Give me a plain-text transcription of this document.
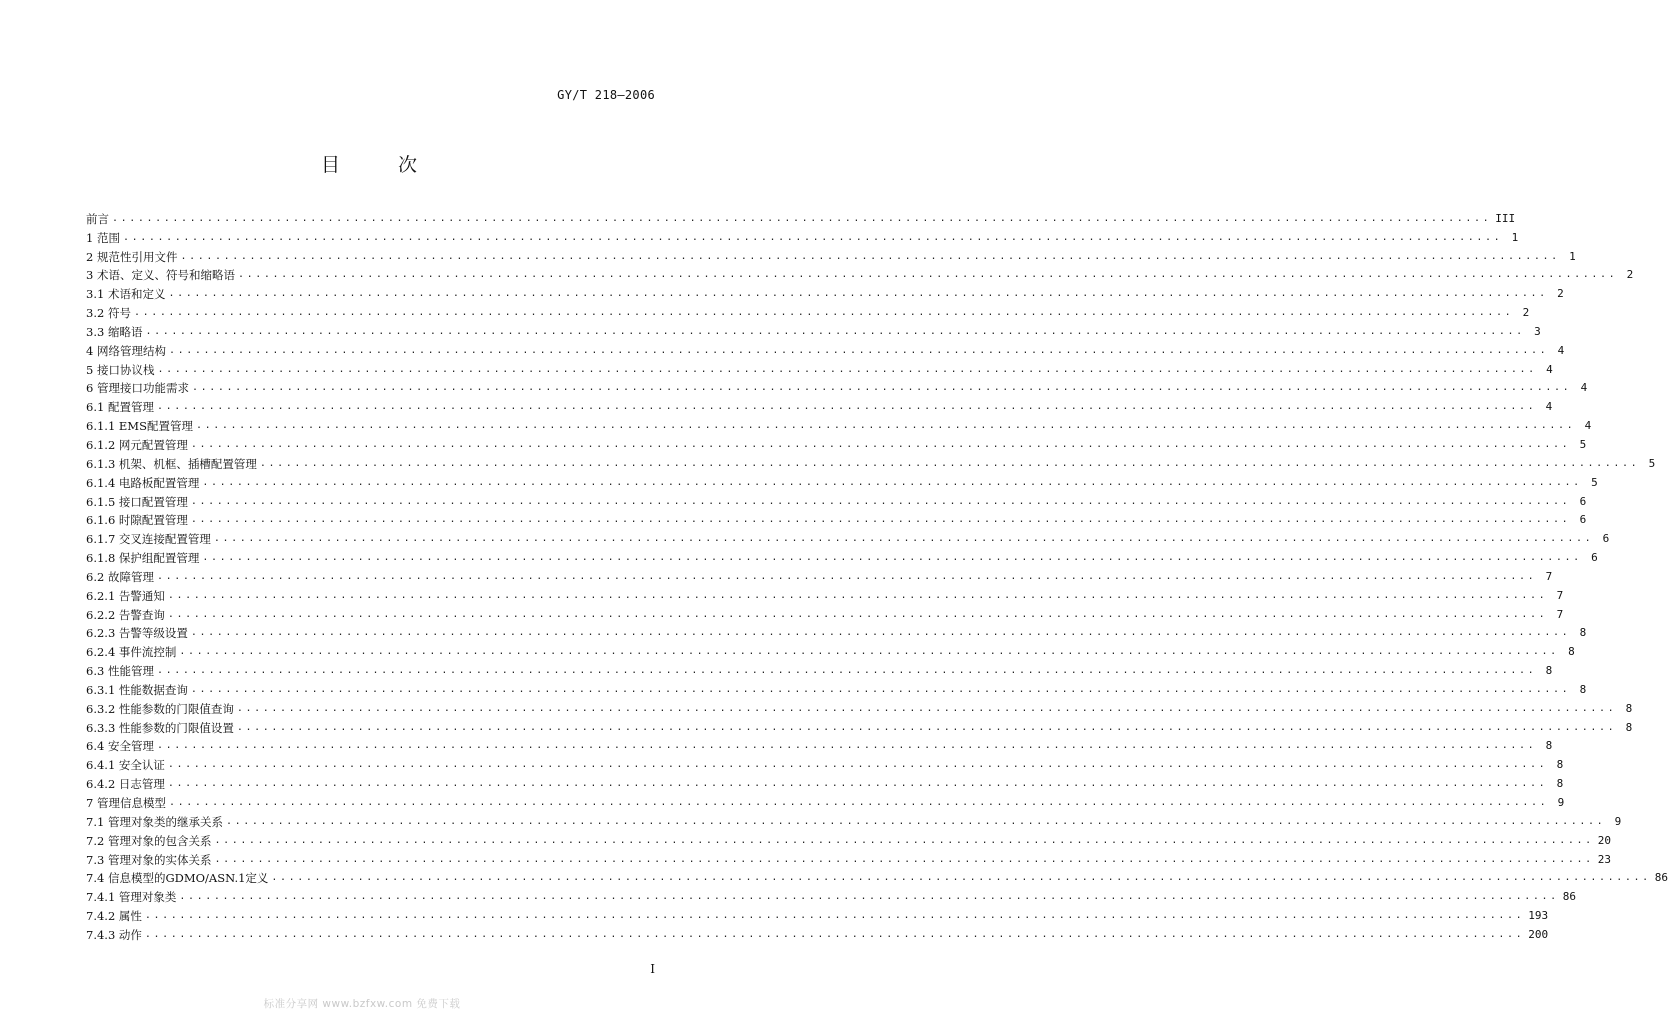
GY/T 218—2006
目 次
前言 ................................................................................................................................................................ III
1 范围 ................................................................................................................................................................ 1
2 规范性引用文件 ................................................................................................................................................................ 1
3 术语、定义、符号和缩略语 ................................................................................................................................................................ 2
3.1 术语和定义 ................................................................................................................................................................ 2
3.2 符号 ................................................................................................................................................................ 2
3.3 缩略语 ................................................................................................................................................................ 3
4 网络管理结构 ................................................................................................................................................................ 4
5 接口协议栈 ................................................................................................................................................................ 4
6 管理接口功能需求 ................................................................................................................................................................ 4
6.1 配置管理 ................................................................................................................................................................ 4
6.1.1 EMS配置管理 ................................................................................................................................................................ 4
6.1.2 网元配置管理 ................................................................................................................................................................ 5
6.1.3 机架、机框、插槽配置管理 ................................................................................................................................................................ 5
6.1.4 电路板配置管理 ................................................................................................................................................................ 5
6.1.5 接口配置管理 ................................................................................................................................................................ 6
6.1.6 时隙配置管理 ................................................................................................................................................................ 6
6.1.7 交叉连接配置管理 ................................................................................................................................................................ 6
6.1.8 保护组配置管理 ................................................................................................................................................................ 6
6.2 故障管理 ................................................................................................................................................................ 7
6.2.1 告警通知 ................................................................................................................................................................ 7
6.2.2 告警查询 ................................................................................................................................................................ 7
6.2.3 告警等级设置 ................................................................................................................................................................ 8
6.2.4 事件流控制 ................................................................................................................................................................ 8
6.3 性能管理 ................................................................................................................................................................ 8
6.3.1 性能数据查询 ................................................................................................................................................................ 8
6.3.2 性能参数的门限值查询 ................................................................................................................................................................ 8
6.3.3 性能参数的门限值设置 ................................................................................................................................................................ 8
6.4 安全管理 ................................................................................................................................................................ 8
6.4.1 安全认证 ................................................................................................................................................................ 8
6.4.2 日志管理 ................................................................................................................................................................ 8
7 管理信息模型 ................................................................................................................................................................ 9
7.1 管理对象类的继承关系 ................................................................................................................................................................ 9
7.2 管理对象的包含关系 ................................................................................................................................................................ 20
7.3 管理对象的实体关系 ................................................................................................................................................................ 23
7.4 信息模型的GDMO/ASN.1定义 ................................................................................................................................................................ 86
7.4.1 管理对象类 ................................................................................................................................................................ 86
7.4.2 属性 ................................................................................................................................................................ 193
7.4.3 动作 ................................................................................................................................................................ 200
I
标准分享网 www.bzfxw.com 免费下载
